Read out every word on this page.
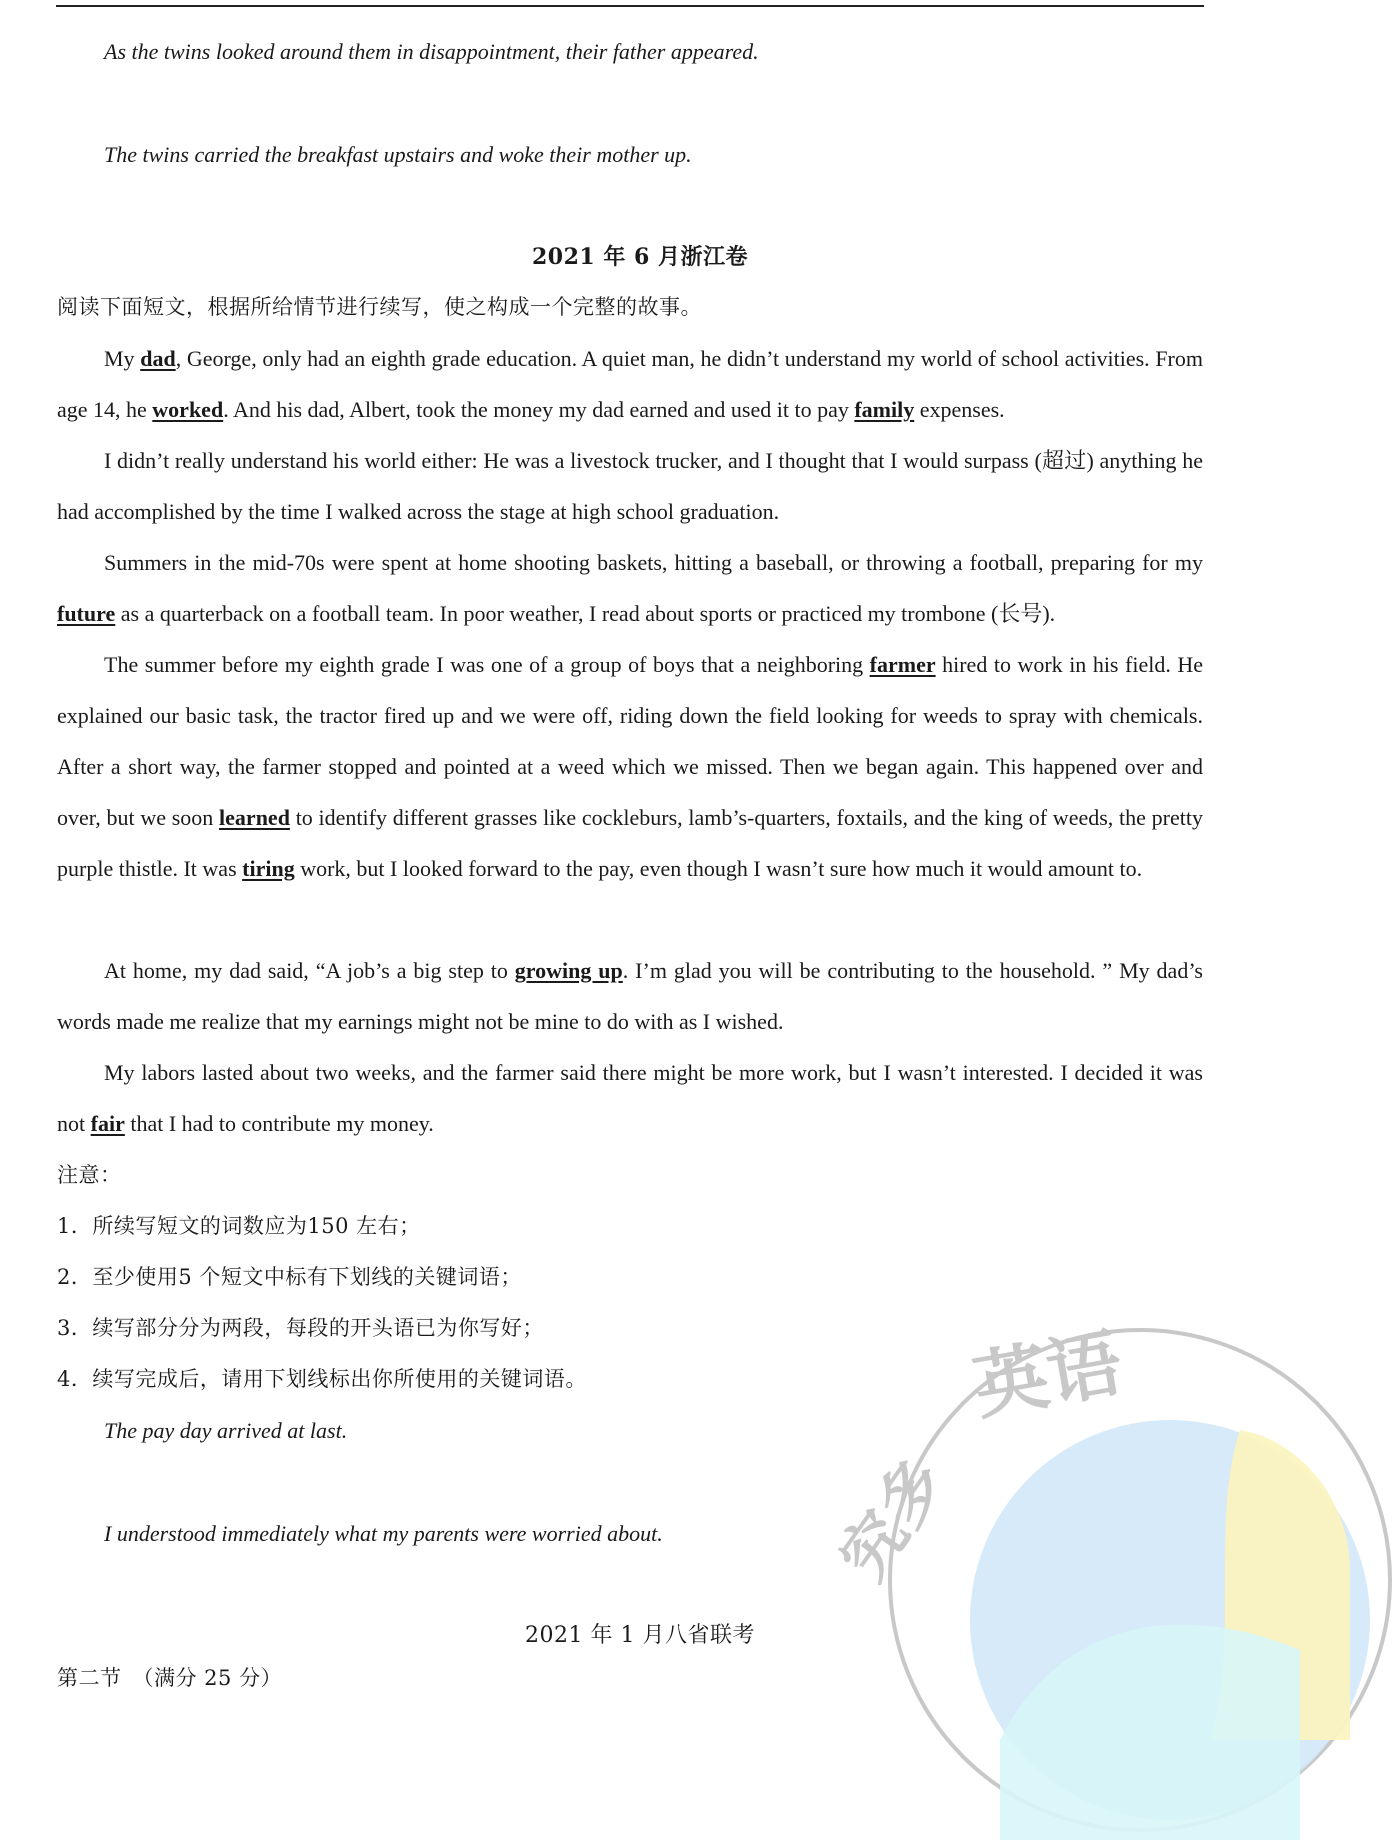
As the twins looked around them in disappointment, their father appeared.

The twins carried the breakfast upstairs and woke their mother up.

2021 年 6 月浙江卷

阅读下面短文，根据所给情节进行续写，使之构成一个完整的故事。

My dad, George, only had an eighth grade education. A quiet man, he didn’t understand my world of school activities. From age 14, he worked. And his dad, Albert, took the money my dad earned and used it to pay family expenses.

I didn’t really understand his world either: He was a livestock trucker, and I thought that I would surpass (超过) anything he had accomplished by the time I walked across the stage at high school graduation.

Summers in the mid-70s were spent at home shooting baskets, hitting a baseball, or throwing a football, preparing for my future as a quarterback on a football team. In poor weather, I read about sports or practiced my trombone (长号).

The summer before my eighth grade I was one of a group of boys that a neighboring farmer hired to work in his field. He explained our basic task, the tractor fired up and we were off, riding down the field looking for weeds to spray with chemicals. After a short way, the farmer stopped and pointed at a weed which we missed. Then we began again. This happened over and over, but we soon learned to identify different grasses like cockleburs, lamb’s-quarters, foxtails, and the king of weeds, the pretty purple thistle. It was tiring work, but I looked forward to the pay, even though I wasn’t sure how much it would amount to.

At home, my dad said, “A job’s a big step to growing up. I’m glad you will be contributing to the household. ” My dad’s words made me realize that my earnings might not be mine to do with as I wished.

My labors lasted about two weeks, and the farmer said there might be more work, but I wasn’t interested. I decided it was not fair that I had to contribute my money.

注意：

1．所续写短文的词数应为150 左右；

2．至少使用5 个短文中标有下划线的关键词语；

3．续写部分分为两段，每段的开头语已为你写好；

4．续写完成后，请用下划线标出你所使用的关键词语。

The pay day arrived at last.

I understood immediately what my parents were worried about.

2021 年 1 月八省联考

第二节　（满分 25 分）

英语
究多
